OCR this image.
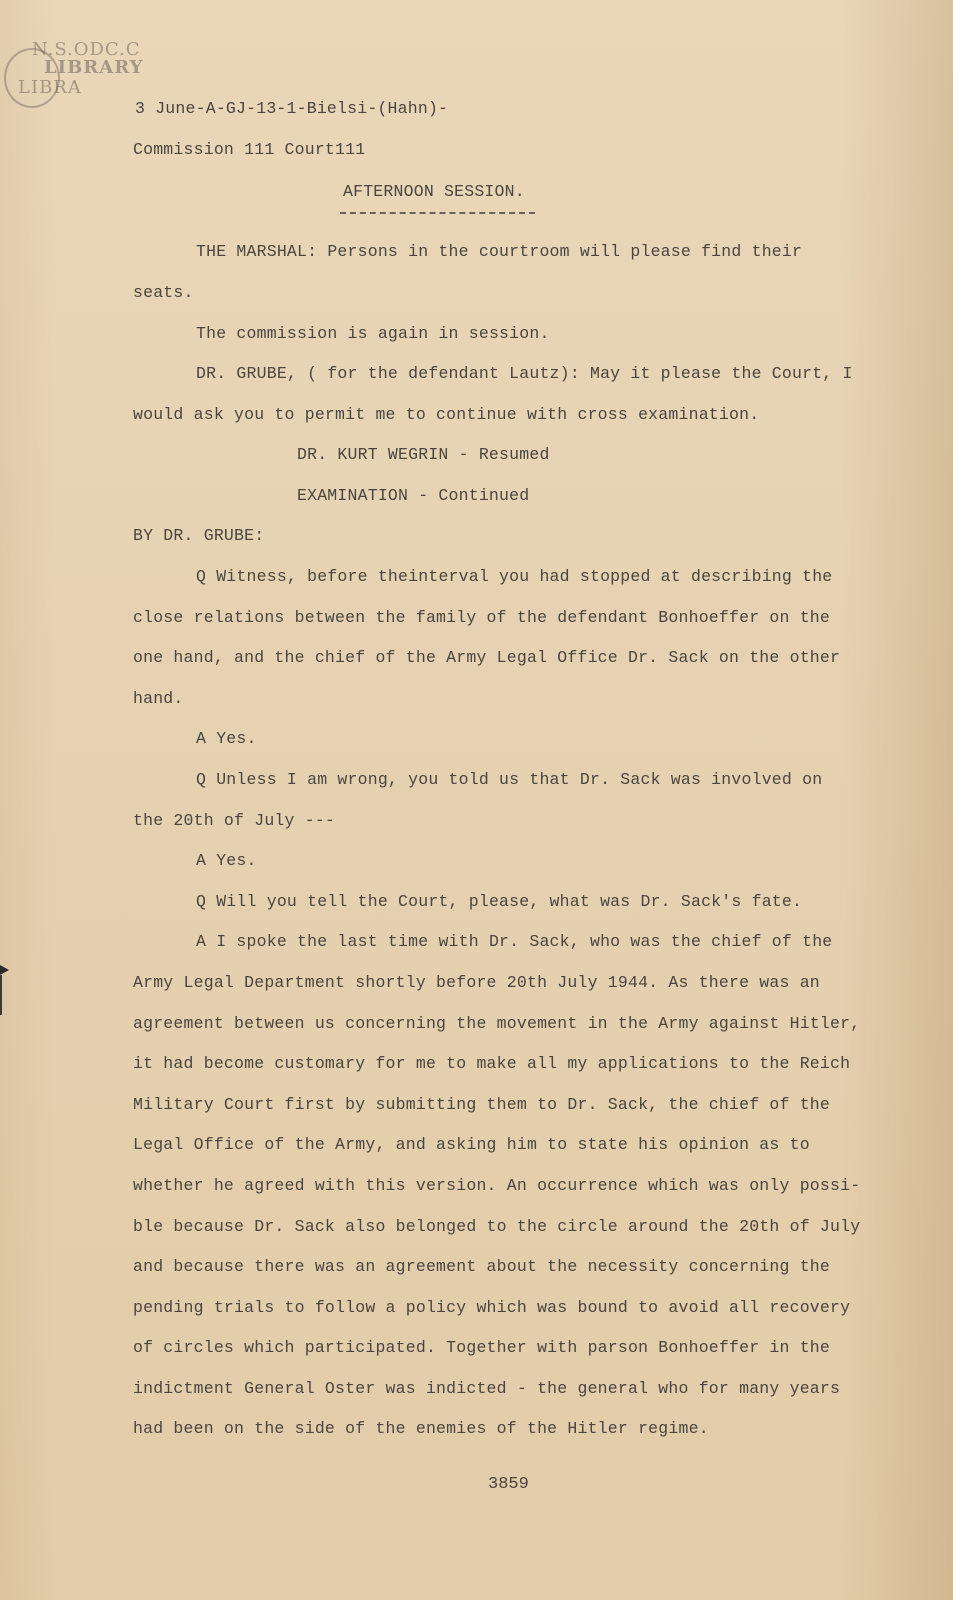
N.S.ODC.C
LIBRARY
LIBRA
3 June-A-GJ-13-1-Bielsi-(Hahn)-
Commission 111 Court111
AFTERNOON SESSION.
THE MARSHAL: Persons in the courtroom will please find their
seats.
The commission is again in session.
DR. GRUBE, ( for the defendant Lautz): May it please the Court, I
would ask you to permit me to continue with cross examination.
DR. KURT WEGRIN - Resumed
EXAMINATION - Continued
BY DR. GRUBE:
Q Witness, before theinterval you had stopped at describing the
close relations between the family of the defendant Bonhoeffer on the
one hand, and the chief of the Army Legal Office Dr. Sack on the other
hand.
A Yes.
Q Unless I am wrong, you told us that Dr. Sack was involved on
the 20th of July ---
A Yes.
Q Will you tell the Court, please, what was Dr. Sack's fate.
A I spoke the last time with Dr. Sack, who was the chief of the
Army Legal Department shortly before 20th July 1944. As there was an
agreement between us concerning the movement in the Army against Hitler,
it had become customary for me to make all my applications to the Reich
Military Court first by submitting them to Dr. Sack, the chief of the
Legal Office of the Army, and asking him to state his opinion as to
whether he agreed with this version. An occurrence which was only possi-
ble because Dr. Sack also belonged to the circle around the 20th of July
and because there was an agreement about the necessity concerning the
pending trials to follow a policy which was bound to avoid all recovery
of circles which participated. Together with parson Bonhoeffer in the
indictment General Oster was indicted - the general who for many years
had been on the side of the enemies of the Hitler regime.
3859
